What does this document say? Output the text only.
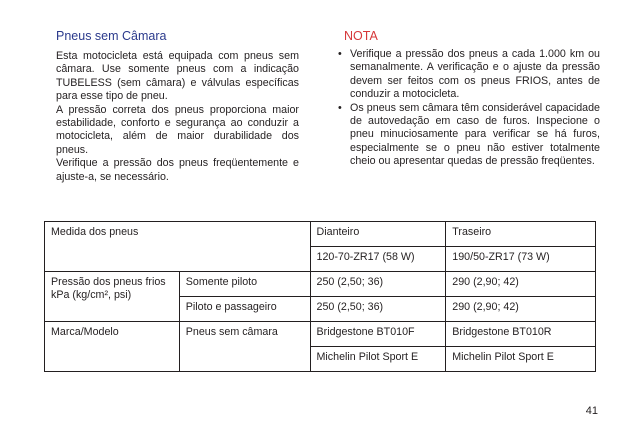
Pneus sem Câmara

Esta motocicleta está equipada com pneus sem câmara. Use somente pneus com a indicação TUBELESS (sem câmara) e válvulas específicas para esse tipo de pneu.

A pressão correta dos pneus proporciona maior estabilidade, conforto e segurança ao conduzir a motocicleta, além de maior durabilidade dos pneus.

Verifique a pressão dos pneus freqüentemente e ajuste-a, se necessário.

NOTA

• Verifique a pressão dos pneus a cada 1.000 km ou semanalmente. A verificação e o ajuste da pressão devem ser feitos com os pneus FRIOS, antes de conduzir a motocicleta.
• Os pneus sem câmara têm considerável capacidade de autovedação em caso de furos. Inspecione o pneu minuciosamente para verificar se há furos, especialmente se o pneu não estiver totalmente cheio ou apresentar quedas de pressão freqüentes.
Medida dos pneus		Dianteiro	Traseiro
		120-70-ZR17 (58 W)	190/50-ZR17 (73 W)
Pressão dos pneus frios kPa (kg/cm², psi)	Somente piloto	250 (2,50; 36)	290 (2,90; 42)
	Piloto e passageiro	250 (2,50; 36)	290 (2,90; 42)
Marca/Modelo	Pneus sem câmara	Bridgestone BT010F	Bridgestone BT010R
		Michelin Pilot Sport E	Michelin Pilot Sport E
41
